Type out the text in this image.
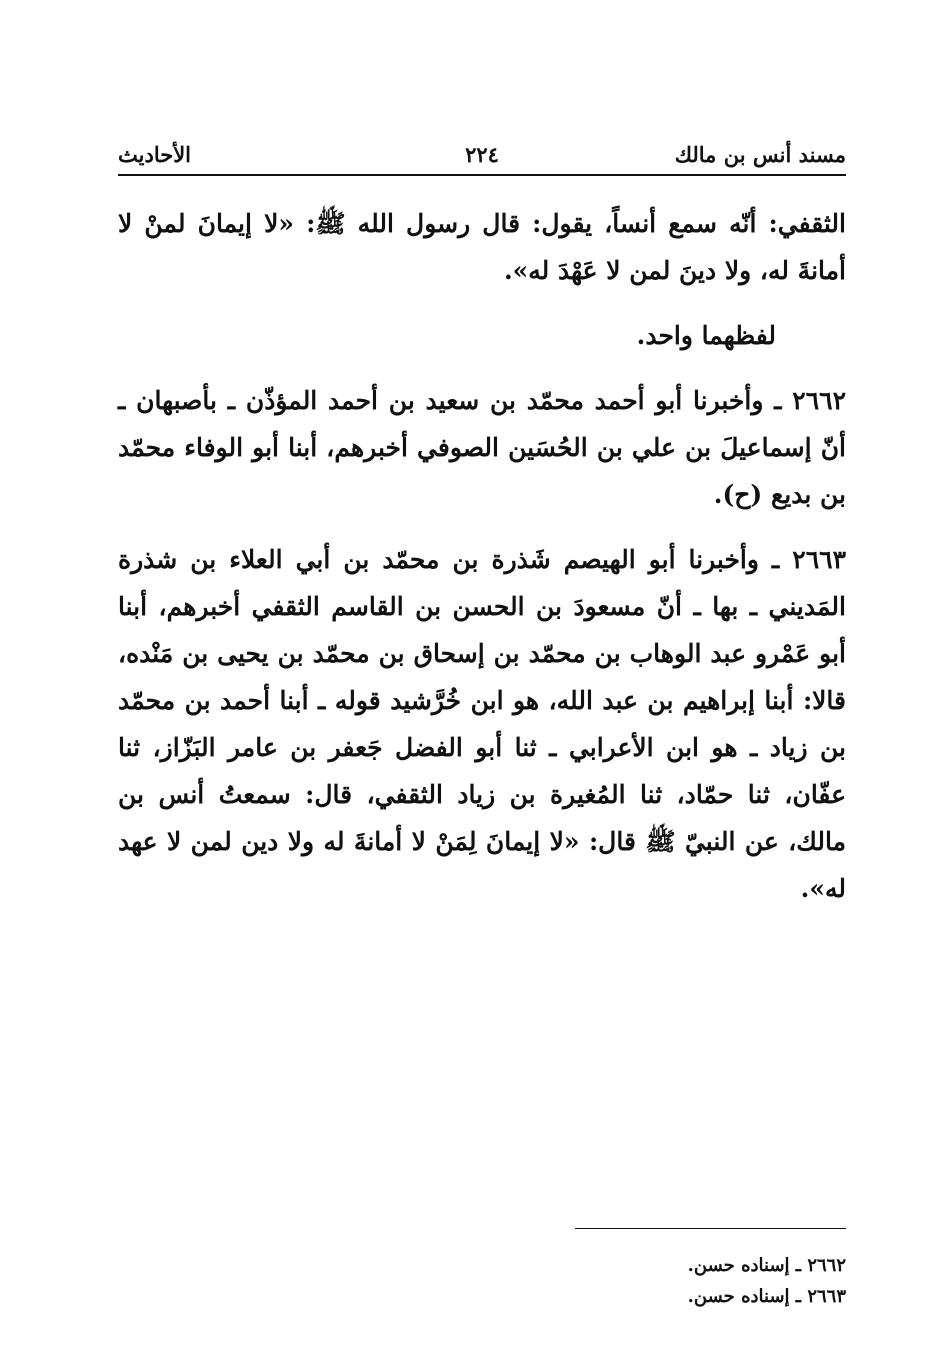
مسند أنس بن مالك
٢٢٤
الأحاديث

الثقفي: أنّه سمع أنساً، يقول: قال رسول الله ﷺ: «لا إيمانَ لمنْ لا أمانةَ له، ولا دينَ لمن لا عَهْدَ له».

لفظهما واحد.

٢٦٦٢ ـ وأخبرنا أبو أحمد محمّد بن سعيد بن أحمد المؤذّن ـ بأصبهان ـ أنّ إسماعيلَ بن علي بن الحُسَين الصوفي أخبرهم، أبنا أبو الوفاء محمّد بن بديع (ح).

٢٦٦٣ ـ وأخبرنا أبو الهيصم شَذرة بن محمّد بن أبي العلاء بن شذرة المَديني ـ بها ـ أنّ مسعودَ بن الحسن بن القاسم الثقفي أخبرهم، أبنا أبو عَمْرو عبد الوهاب بن محمّد بن إسحاق بن محمّد بن يحيى بن مَنْده، قالا: أبنا إبراهيم بن عبد الله، هو ابن خُرَّشيد قوله ـ أبنا أحمد بن محمّد بن زياد ـ هو ابن الأعرابي ـ ثنا أبو الفضل جَعفر بن عامر البَزّاز، ثنا عفّان، ثنا حمّاد، ثنا المُغيرة بن زياد الثقفي، قال: سمعتُ أنس بن مالك، عن النبيّ ﷺ قال: «لا إيمانَ لِمَنْ لا أمانةَ له ولا دين لمن لا عهد له».

٢٦٦٢ ـ إسناده حسن.
٢٦٦٣ ـ إسناده حسن.
